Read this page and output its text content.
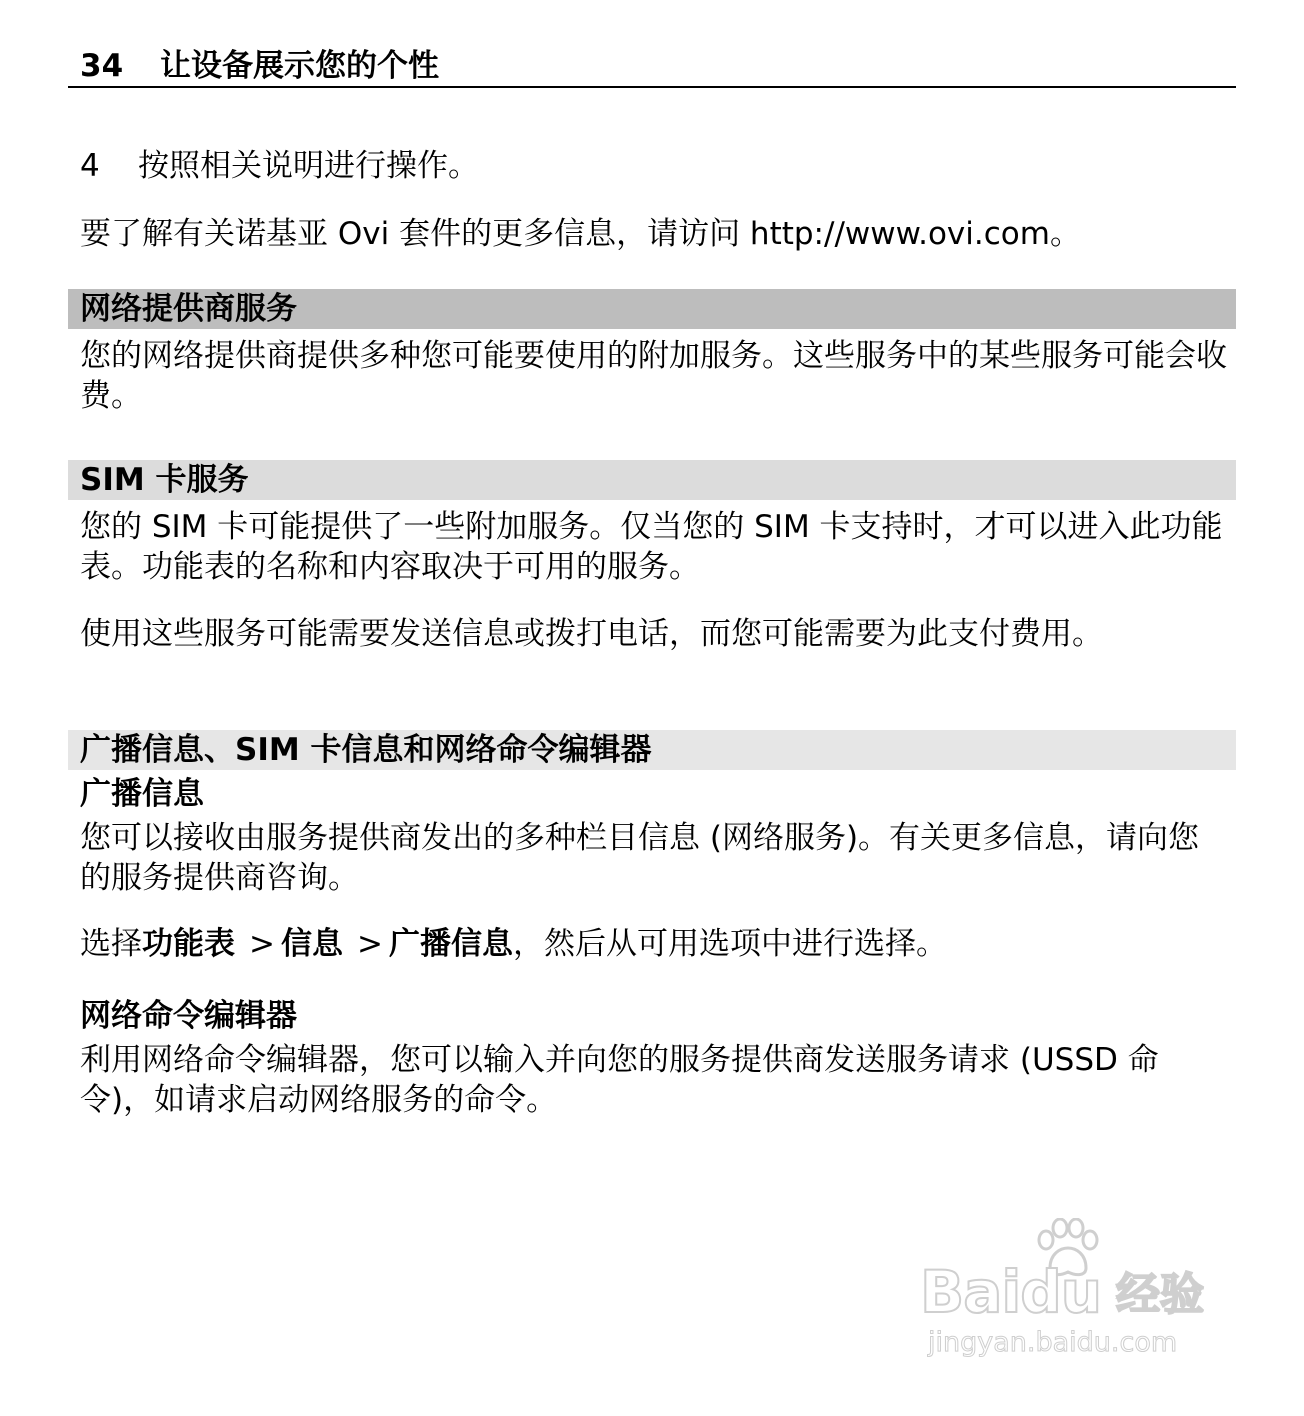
34 让设备展示您的个性
4 按照相关说明进行操作。
要了解有关诺基亚 Ovi 套件的更多信息，请访问 http://www.ovi.com。
网络提供商服务
您的网络提供商提供多种您可能要使用的附加服务。这些服务中的某些服务可能会收费。
SIM 卡服务
您的 SIM 卡可能提供了一些附加服务。仅当您的 SIM 卡支持时，才可以进入此功能表。功能表的名称和内容取决于可用的服务。
使用这些服务可能需要发送信息或拨打电话，而您可能需要为此支付费用。
广播信息、SIM 卡信息和网络命令编辑器
广播信息
您可以接收由服务提供商发出的多种栏目信息 (网络服务)。有关更多信息，请向您的服务提供商咨询。
选择功能表 > 信息 > 广播信息，然后从可用选项中进行选择。
网络命令编辑器
利用网络命令编辑器，您可以输入并向您的服务提供商发送服务请求 (USSD 命令)，如请求启动网络服务的命令。
Baidu 经验
jingyan.baidu.com
